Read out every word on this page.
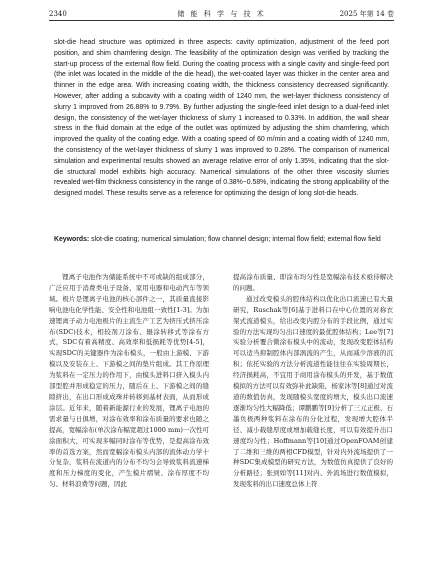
2340	储 能 科 学 与 技 术	2025 年第 14 卷

slot-die head structure was optimized in three aspects: cavity optimization, adjustment of the feed port position, and shim chamfering design. The feasibility of the optimization design was verified by tracking the start-up process of the external flow field. During the coating process with a single cavity and single-feed port (the inlet was located in the middle of the die head), the wet-coated layer was thicker in the center area and thinner in the edge area. With increasing coating width, the thickness consistency decreased significantly. However, after adding a subcavity with a coating width of 1240 mm, the wet-layer thickness consistency of slurry 1 improved from 26.88% to 9.79%. By further adjusting the single-feed inlet design to a dual-feed inlet design, the consistency of the wet-layer thickness of slurry 1 increased to 0.33%. In addition, the wall shear stress in the fluid domain at the edge of the outlet was optimized by adjusting the shim chamfering, which improved the quality of the coating edge. With a coating speed of 60 m/min and a coating width of 1240 mm, the consistency of the wet-layer thickness of slurry 1 was improved to 0.28%. The comparison of numerical simulation and experimental results showed an average relative error of only 1.35%, indicating that the slot-die structural model exhibits high accuracy. Numerical simulations of the other three viscosity slurries revealed wet-film thickness consistency in the range of 0.38%−0.58%, indicating the strong applicability of the designed model. These results serve as a reference for optimizing the design of long slot-die heads.

Keywords: slot-die coating; numerical simulation; flow channel design; internal flow field; external flow field

锂离子电池作为储能系统中不可或缺的组成部分，广泛应用于消费类电子设备、家用电器和电动汽车等领域。极片是锂离子电池的核心部件之一，其质量直接影响电池电化学性能、安全性和电池组一致性[1-3]。为加速锂离子动力电池极片的主流生产工艺为挤压式挤压涂布(SDC)技术，相较剂刀涂布、辊涂转移式等涂布方式，SDC有着高精度、高效率和低损耗等优势[4-5]，实现SDC的关键器件为涂布模头，一般由上游模、下游模以及安装在上、下游模之间的垫片组成。其工作原理为浆料在一定压力的作用下，由模头进料口挤入模头内部型腔并形成稳定的压力，随后在上、下游模之间的缝隙挤出，在出口形成成珠并转移到基材表面，从而形成涂层。近年来，随着新能源行业的发展，锂离子电池的需求量与日俱增，对涂布效率和涂布质量的要求也随之提高，宽幅涂布(单次涂布幅宽超过1000 mm)一次性可涂面积大，可实现多幅同时涂布等优势，是提高涂布效率的首选方案，然而宽幅涂布模头内部的流体动力学十分复杂，浆料在流道内的分布不均匀会导致浆料流速梯度和压力梯度的变化，产生模片褶皱、涂布厚度不均匀、材料浪费等问题，因此

提高涂布质量、即涂布均匀性是宽幅涂布技术亟待解决的问题。

通过改变模头的腔体结构以优化出口流速已有大量研究，Ruschak等[6]基于进料口在中心位置的对称衣架式流道模头，给出改变内腔分布的手段比例，通过实验的方法实现均匀出口速度的最优腔体结构；Lee等[7]实验分析覆合微涂布模头中的流动，发现改变腔体结构可以适当抑制腔体内部涡流的产生，从而减少溶液的沉积；依托实验的方法分析流道性能往往在实验周期长，经济损耗高，不宜用于商用涂布模头的开发，基于数值模拟的方法可以有效弥补此缺陷，杨家沐等[8]通过对流道的数值仿真，发现随模头宽度的增大，模头出口流速逐渐均匀性大幅降低；谭鹏鹏等[9]分析了三元正极、石墨负极两种浆料在涂布的分化过程，发现增大腔体半径、减小载缝厚度或增加载缝长度，可以有效提升出口速度均匀性；Hoffmann等[10]通过OpenFOAM创建了二维和三维的两相CFD模型，针对内外流场提供了一种SDC集成模型的研究方法，为数值仿真提供了良好的分析路径；张到如等[11]对内、外流场进行数值模拟，发现浆料的出口速度总体上符
